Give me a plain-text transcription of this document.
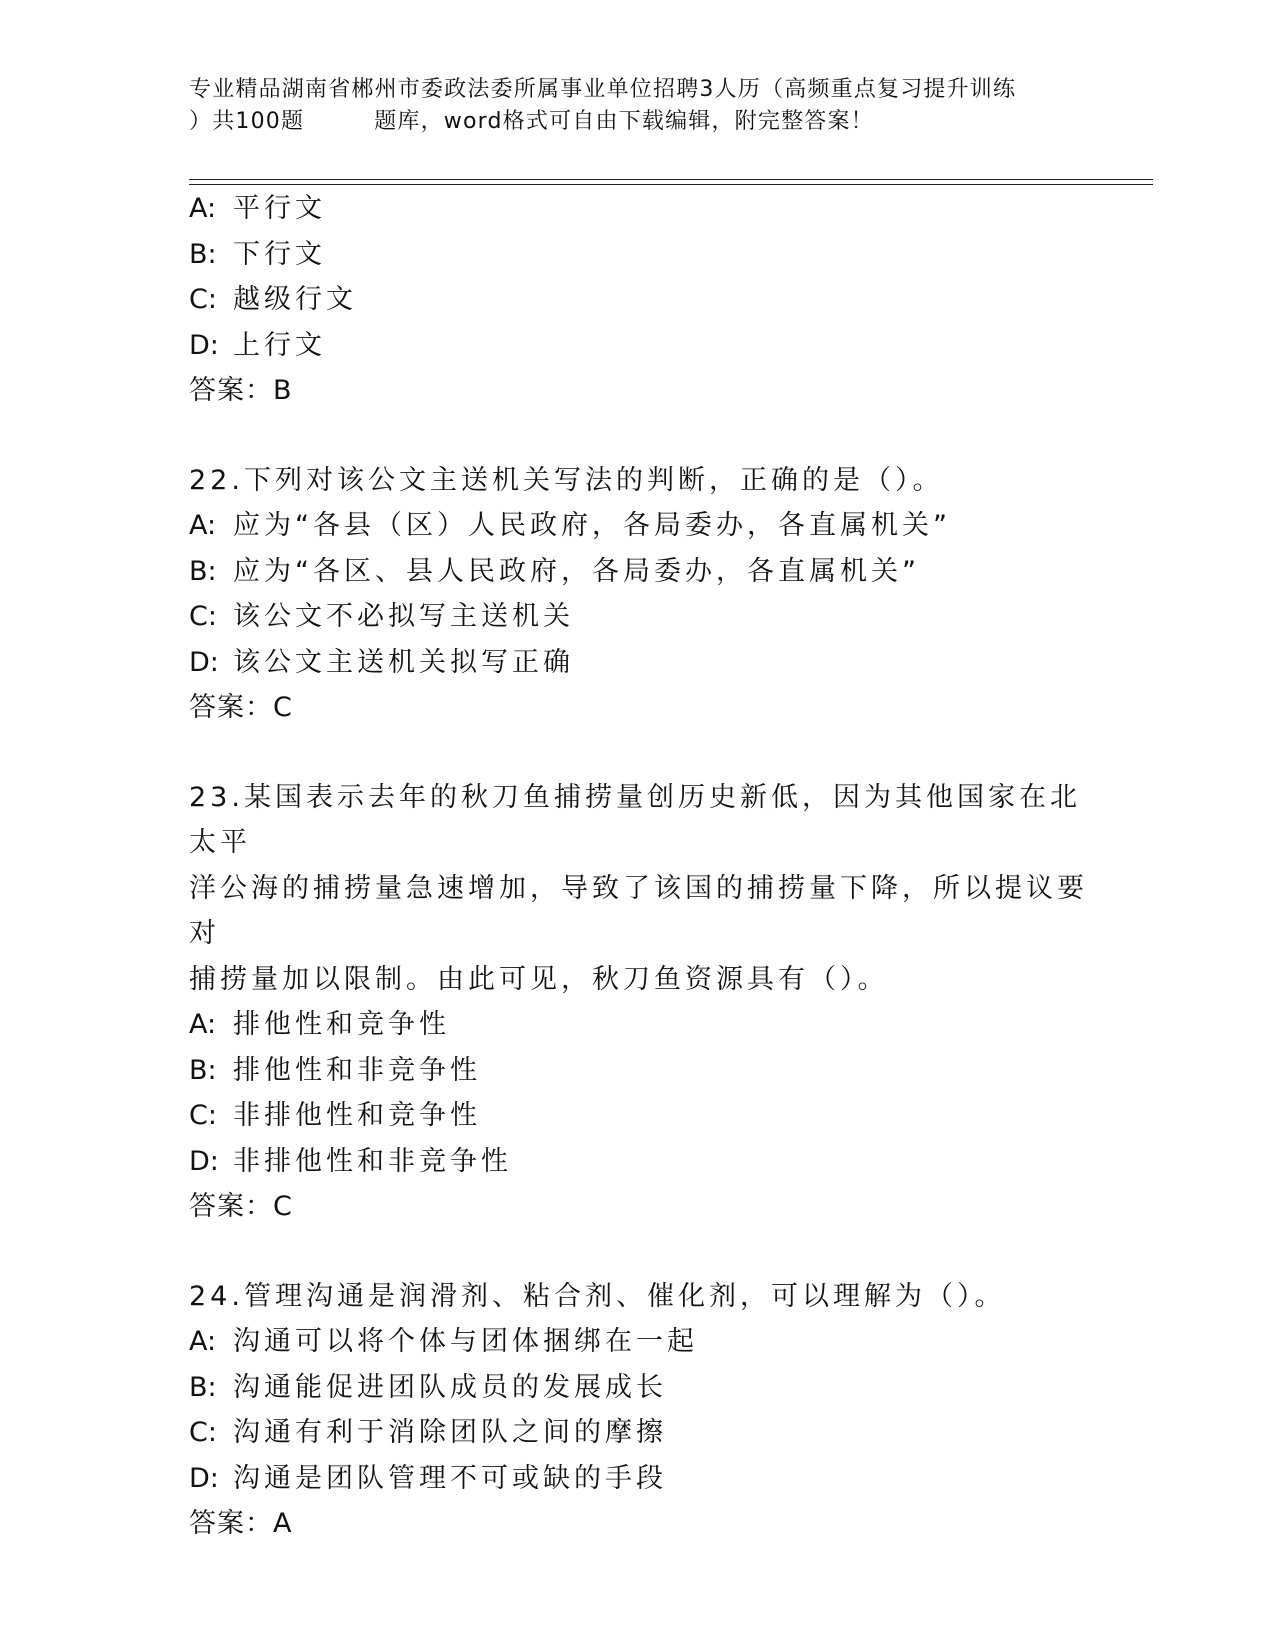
专业精品湖南省郴州市委政法委所属事业单位招聘3人历（高频重点复习提升训练
）共100题	题库，word格式可自由下载编辑，附完整答案！
A: 平行文
B: 下行文
C: 越级行文
D: 上行文
答案：B
22.下列对该公文主送机关写法的判断，正确的是（）。
A: 应为“各县（区）人民政府，各局委办，各直属机关”
B: 应为“各区、县人民政府，各局委办，各直属机关”
C: 该公文不必拟写主送机关
D: 该公文主送机关拟写正确
答案：C
23.某国表示去年的秋刀鱼捕捞量创历史新低，因为其他国家在北太平
洋公海的捕捞量急速增加，导致了该国的捕捞量下降，所以提议要对
捕捞量加以限制。由此可见，秋刀鱼资源具有（）。
A: 排他性和竞争性
B: 排他性和非竞争性
C: 非排他性和竞争性
D: 非排他性和非竞争性
答案：C
24.管理沟通是润滑剂、粘合剂、催化剂，可以理解为（）。
A: 沟通可以将个体与团体捆绑在一起
B: 沟通能促进团队成员的发展成长
C: 沟通有利于消除团队之间的摩擦
D: 沟通是团队管理不可或缺的手段
答案：A
